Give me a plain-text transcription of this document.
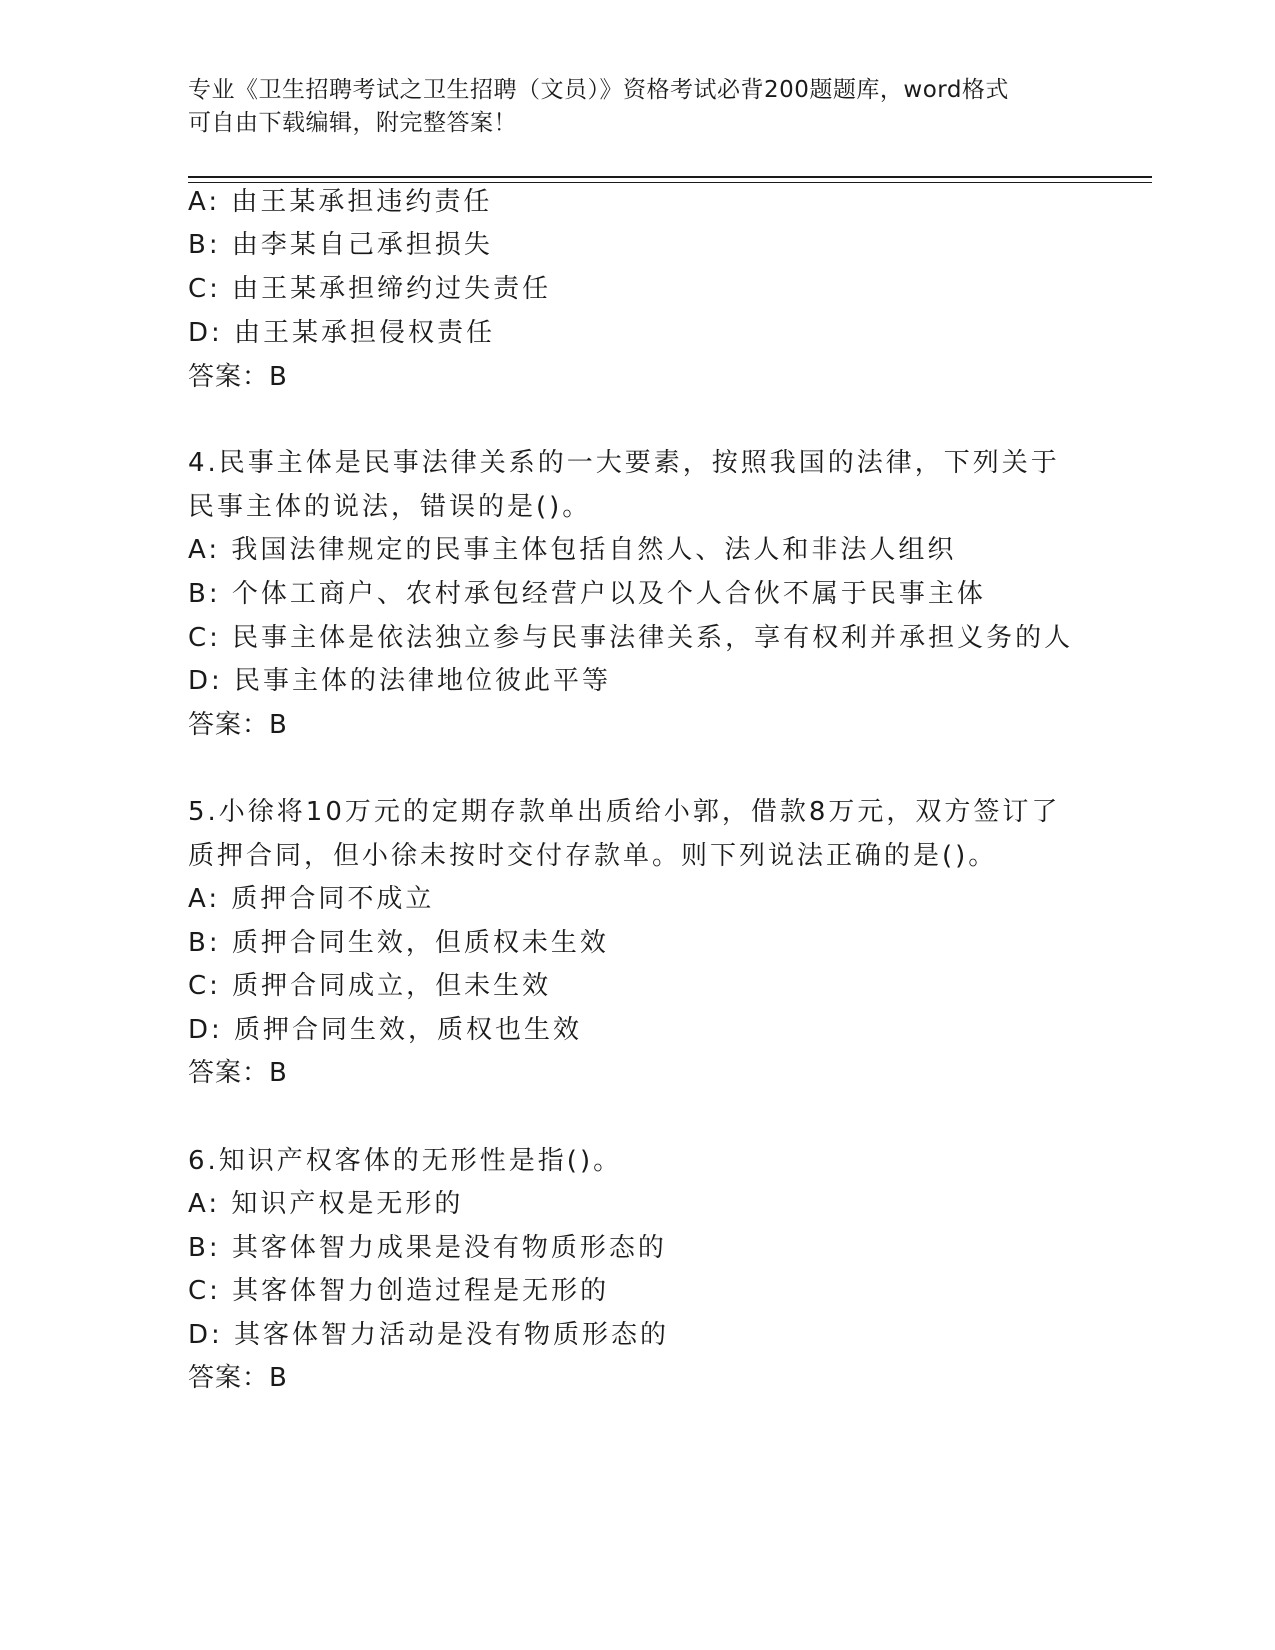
专业《卫生招聘考试之卫生招聘（文员）》资格考试必背200题题库，word格式
可自由下载编辑，附完整答案！
A: 由王某承担违约责任
B: 由李某自己承担损失
C: 由王某承担缔约过失责任
D: 由王某承担侵权责任
答案：B
4.民事主体是民事法律关系的一大要素，按照我国的法律，下列关于
民事主体的说法，错误的是()。
A: 我国法律规定的民事主体包括自然人、法人和非法人组织
B: 个体工商户、农村承包经营户以及个人合伙不属于民事主体
C: 民事主体是依法独立参与民事法律关系，享有权利并承担义务的人
D: 民事主体的法律地位彼此平等
答案：B
5.小徐将10万元的定期存款单出质给小郭，借款8万元，双方签订了
质押合同，但小徐未按时交付存款单。则下列说法正确的是()。
A: 质押合同不成立
B: 质押合同生效，但质权未生效
C: 质押合同成立，但未生效
D: 质押合同生效，质权也生效
答案：B
6.知识产权客体的无形性是指()。
A: 知识产权是无形的
B: 其客体智力成果是没有物质形态的
C: 其客体智力创造过程是无形的
D: 其客体智力活动是没有物质形态的
答案：B
